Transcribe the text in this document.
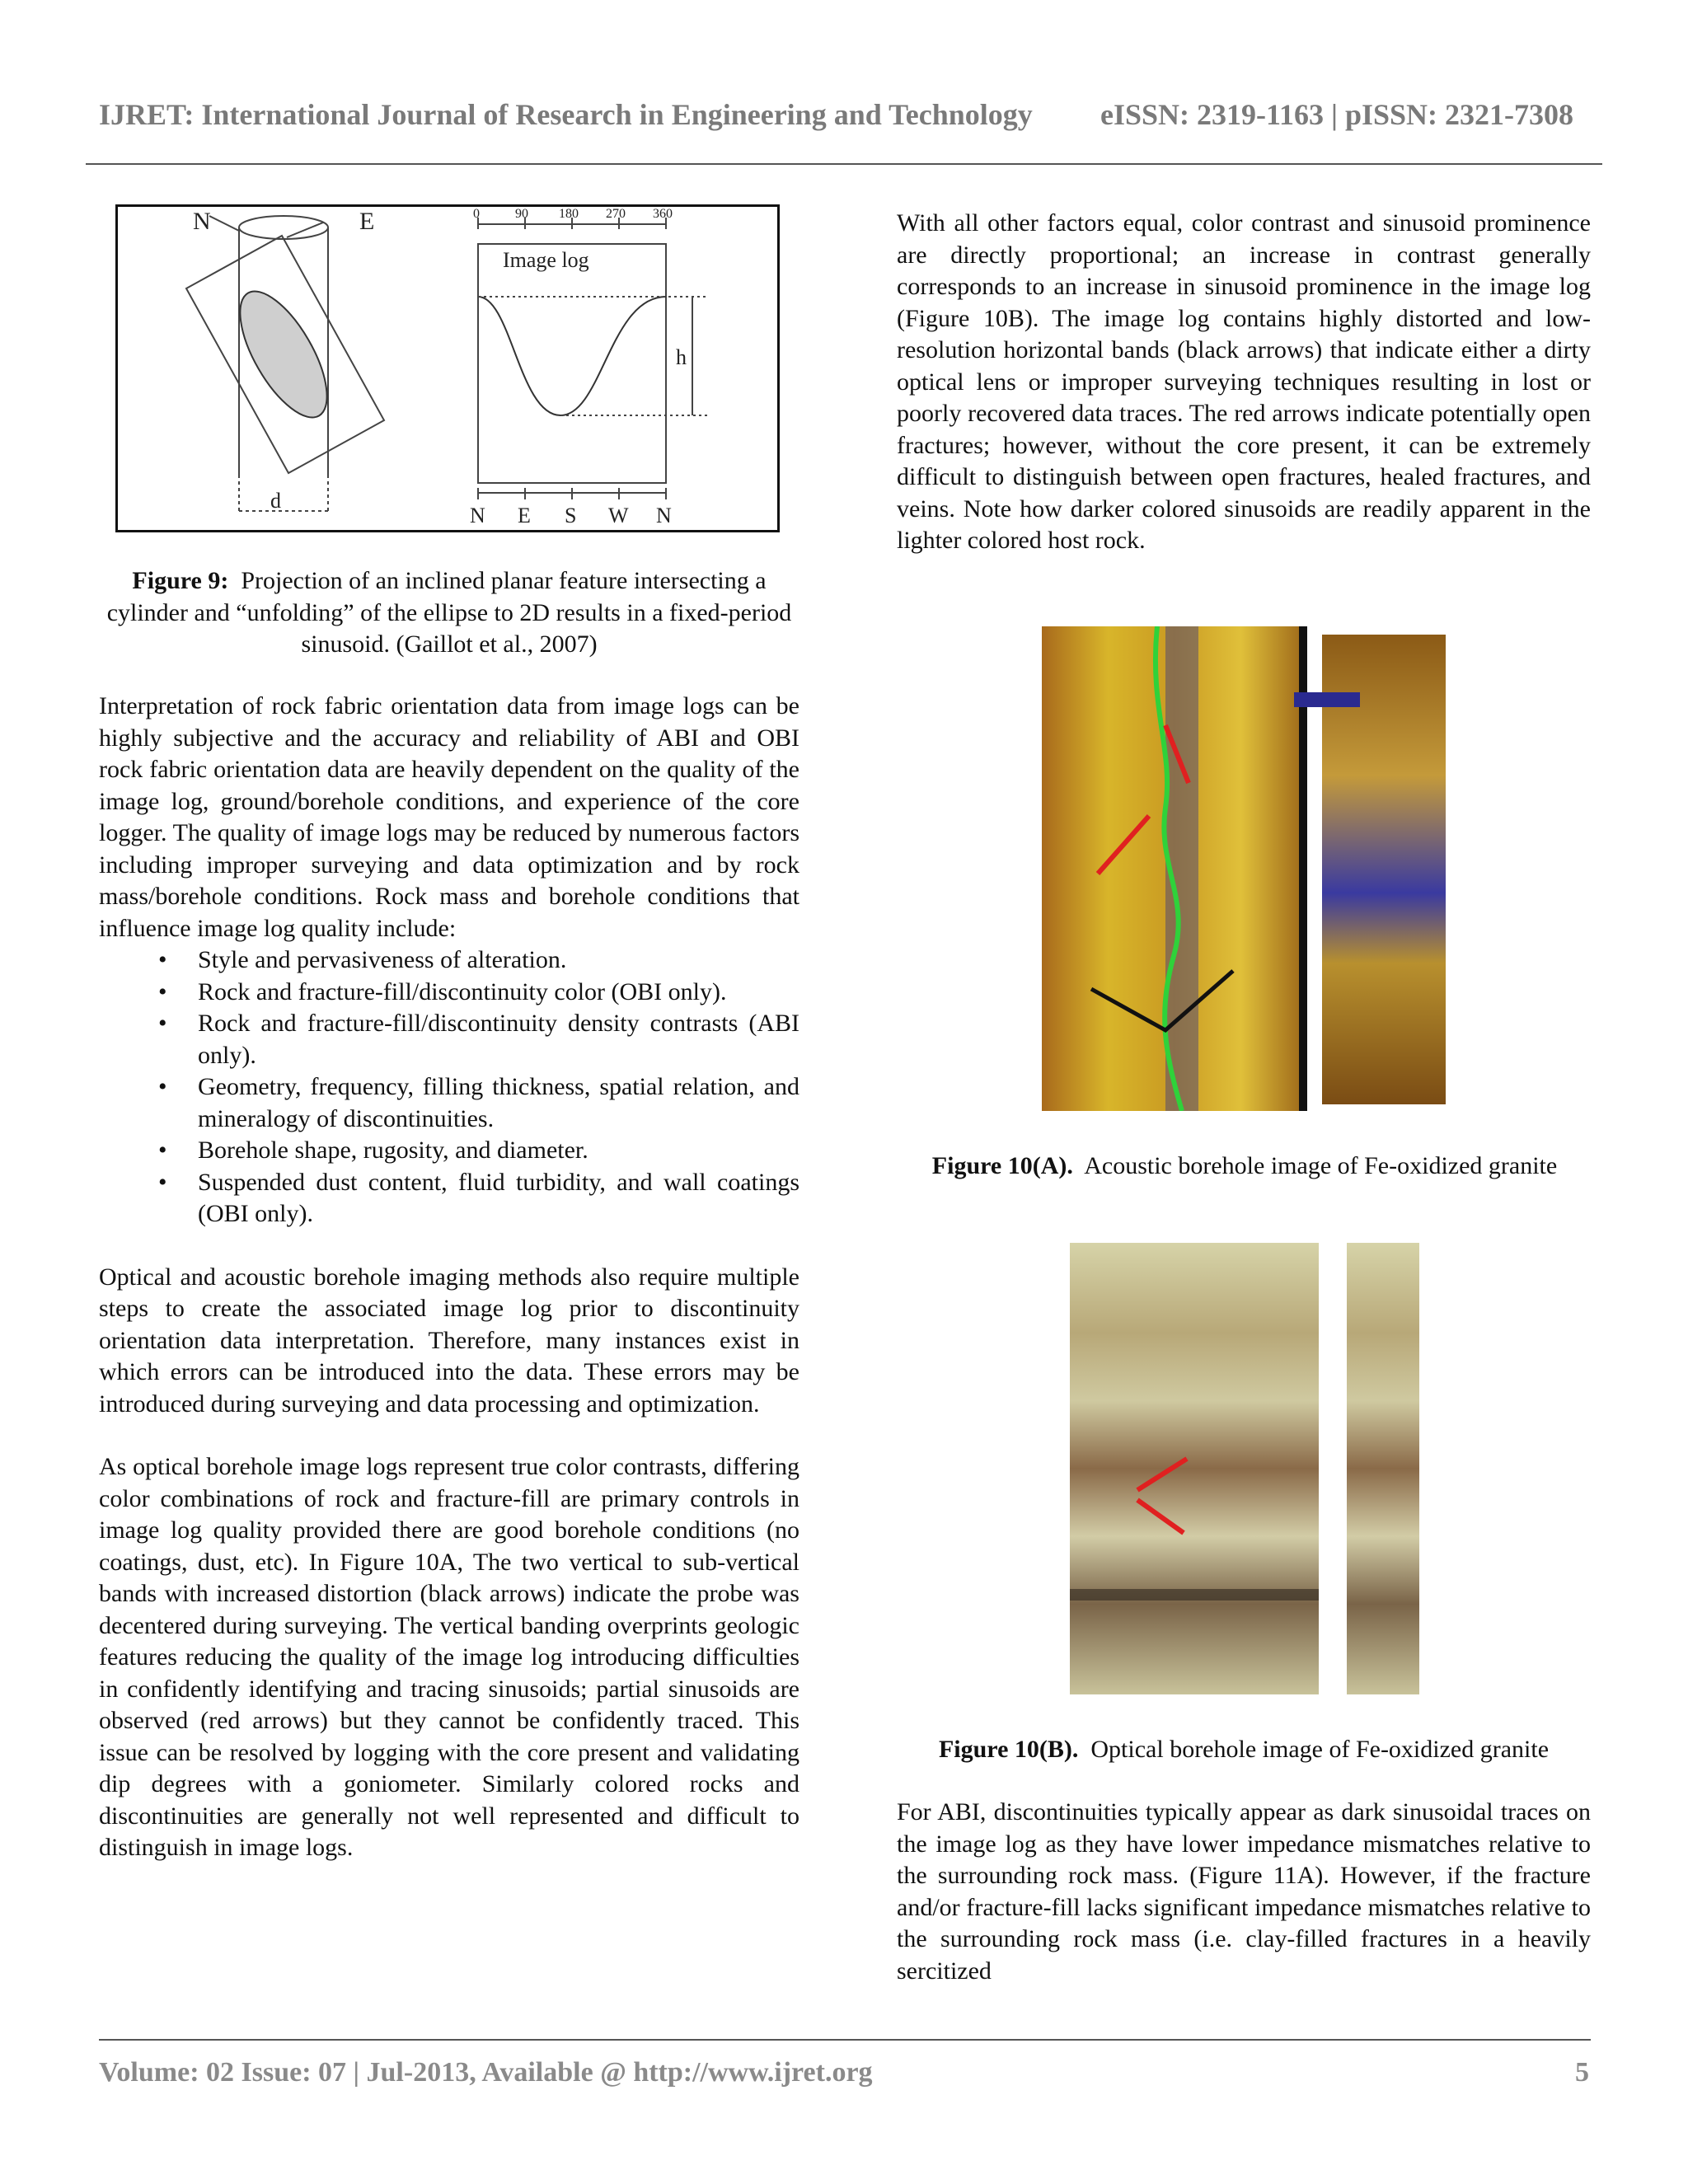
IJRET: International Journal of Research in Engineering and Technology eISSN: 2319-1163 | pISSN: 2321-7308
N	E
d
0	90 180 270 360
Image log
h
N E S W N
Figure 9: Projection of an inclined planar feature intersecting a cylinder and “unfolding” of the ellipse to 2D results in a fixed-period sinusoid. (Gaillot et al., 2007)

Interpretation of rock fabric orientation data from image logs can be highly subjective and the accuracy and reliability of ABI and OBI rock fabric orientation data are heavily dependent on the quality of the image log, ground/borehole conditions, and experience of the core logger. The quality of image logs may be reduced by numerous factors including improper surveying and data optimization and by rock mass/borehole conditions. Rock mass and borehole conditions that influence image log quality include:

• Style and pervasiveness of alteration.
• Rock and fracture-fill/discontinuity color (OBI only).
• Rock and fracture-fill/discontinuity density contrasts (ABI only).
• Geometry, frequency, filling thickness, spatial relation, and mineralogy of discontinuities.
• Borehole shape, rugosity, and diameter.
• Suspended dust content, fluid turbidity, and wall coatings (OBI only).

Optical and acoustic borehole imaging methods also require multiple steps to create the associated image log prior to discontinuity orientation data interpretation. Therefore, many instances exist in which errors can be introduced into the data. These errors may be introduced during surveying and data processing and optimization.

As optical borehole image logs represent true color contrasts, differing color combinations of rock and fracture-fill are primary controls in image log quality provided there are good borehole conditions (no coatings, dust, etc). In Figure 10A, The two vertical to sub-vertical bands with increased distortion (black arrows) indicate the probe was decentered during surveying. The vertical banding overprints geologic features reducing the quality of the image log introducing difficulties in confidently identifying and tracing sinusoids; partial sinusoids are observed (red arrows) but they cannot be confidently traced. This issue can be resolved by logging with the core present and validating dip degrees with a goniometer. Similarly colored rocks and discontinuities are generally not well represented and difficult to distinguish in image logs.

With all other factors equal, color contrast and sinusoid prominence are directly proportional; an increase in contrast generally corresponds to an increase in sinusoid prominence in the image log (Figure 10B). The image log contains highly distorted and low-resolution horizontal bands (black arrows) that indicate either a dirty optical lens or improper surveying techniques resulting in lost or poorly recovered data traces. The red arrows indicate potentially open fractures; however, without the core present, it can be extremely difficult to distinguish between open fractures, healed fractures, and veins. Note how darker colored sinusoids are readily apparent in the lighter colored host rock.

Figure 10(A). Acoustic borehole image of Fe-oxidized granite
Figure 10(B). Optical borehole image of Fe-oxidized granite

For ABI, discontinuities typically appear as dark sinusoidal traces on the image log as they have lower impedance mismatches relative to the surrounding rock mass. (Figure 11A). However, if the fracture and/or fracture-fill lacks significant impedance mismatches relative to the surrounding rock mass (i.e. clay-filled fractures in a heavily sercitized

Volume: 02 Issue: 07 | Jul-2013, Available @ http://www.ijret.org	5
